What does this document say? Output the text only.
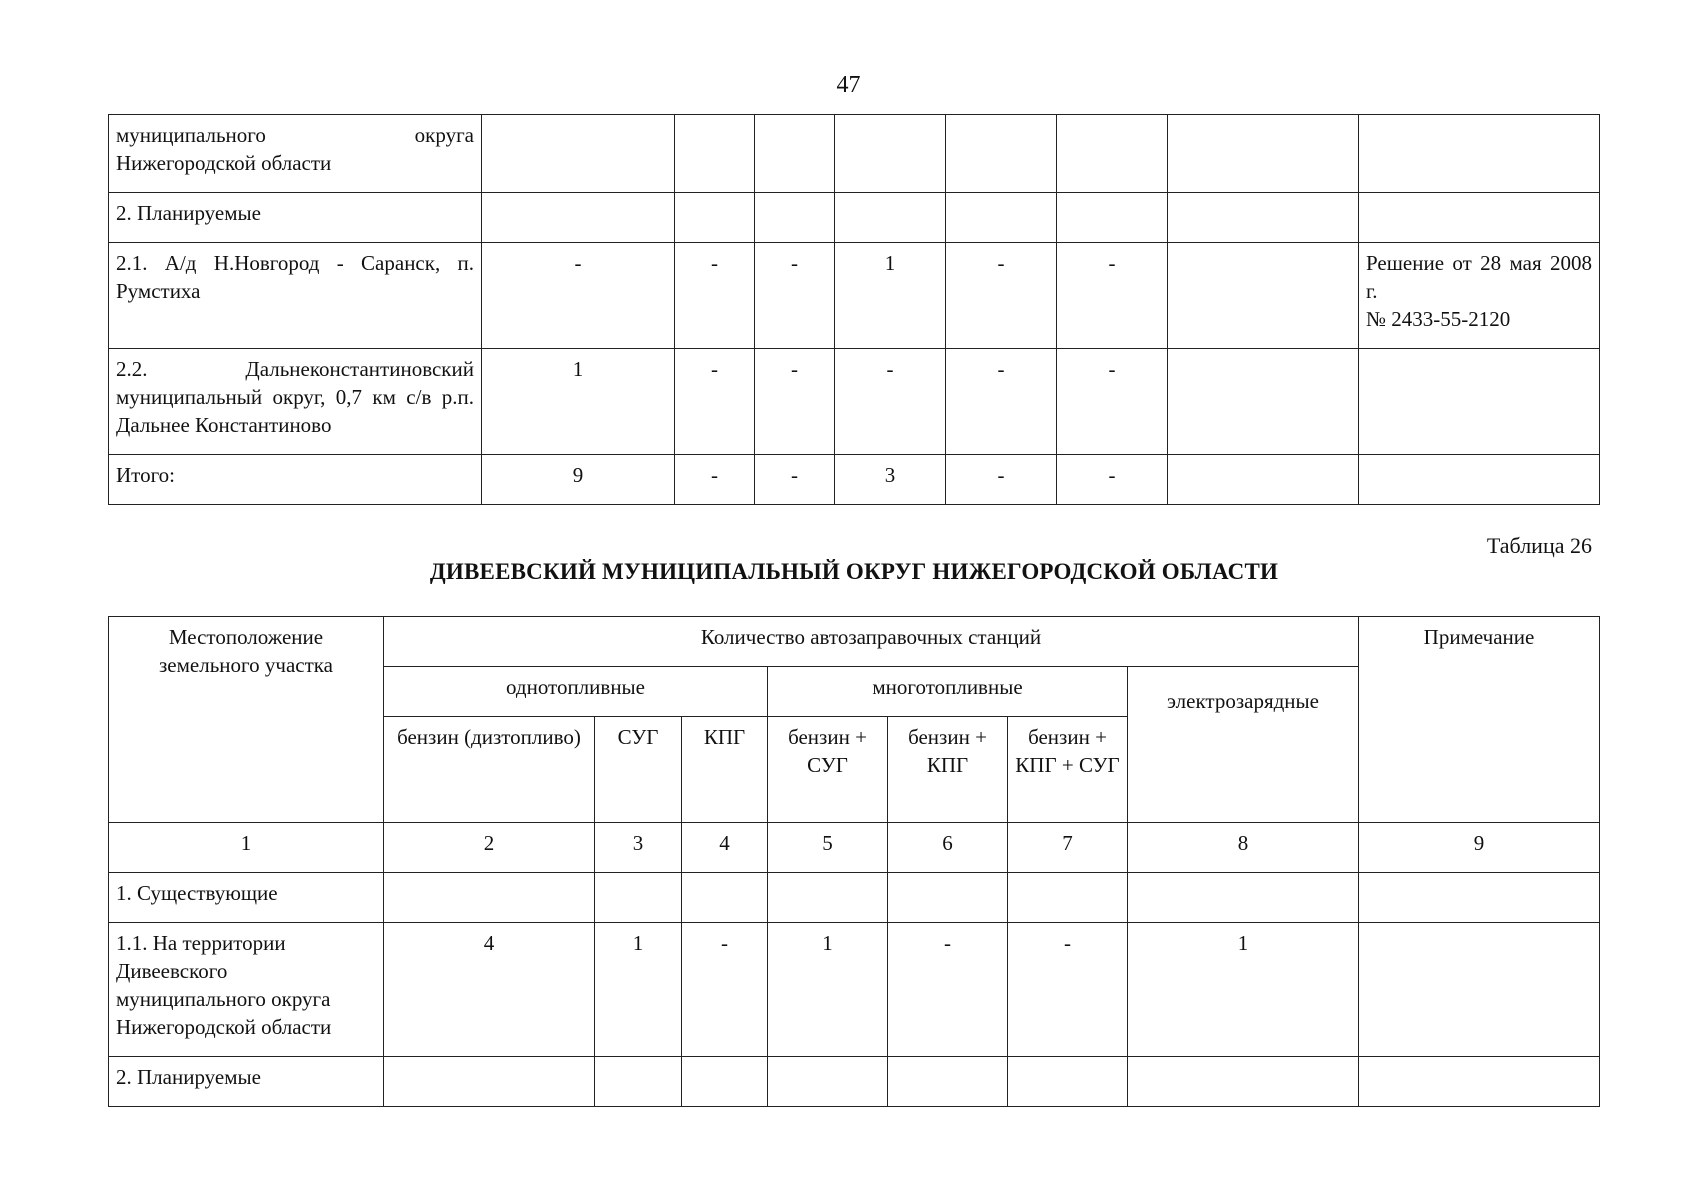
47
муниципального округа Нижегородской области								
2. Планируемые								
2.1. А/д Н.Новгород - Саранск, п. Румстиха	-	-	-	1	-	-		Решение от 28 мая 2008 г.
№ 2433-55-2120
2.2. Дальнеконстантиновский муниципальный округ, 0,7 км с/в р.п. Дальнее Константиново	1	-	-	-	-	-		
Итого:	9	-	-	3	-	-		
Таблица 26
ДИВЕЕВСКИЙ МУНИЦИПАЛЬНЫЙ ОКРУГ НИЖЕГОРОДСКОЙ ОБЛАСТИ
Местоположение земельного участка	Количество автозаправочных станций							Примечание
	однотопливные			многотопливные			электрозарядные	
	бензин (дизтопливо)	СУГ	КПГ	бензин + СУГ	бензин + КПГ	бензин + КПГ + СУГ		
1	2	3	4	5	6	7	8	9
1. Существующие								
1.1. На территории Дивеевского муниципального округа Нижегородской области	4	1	-	1	-	-	1	
2. Планируемые								
